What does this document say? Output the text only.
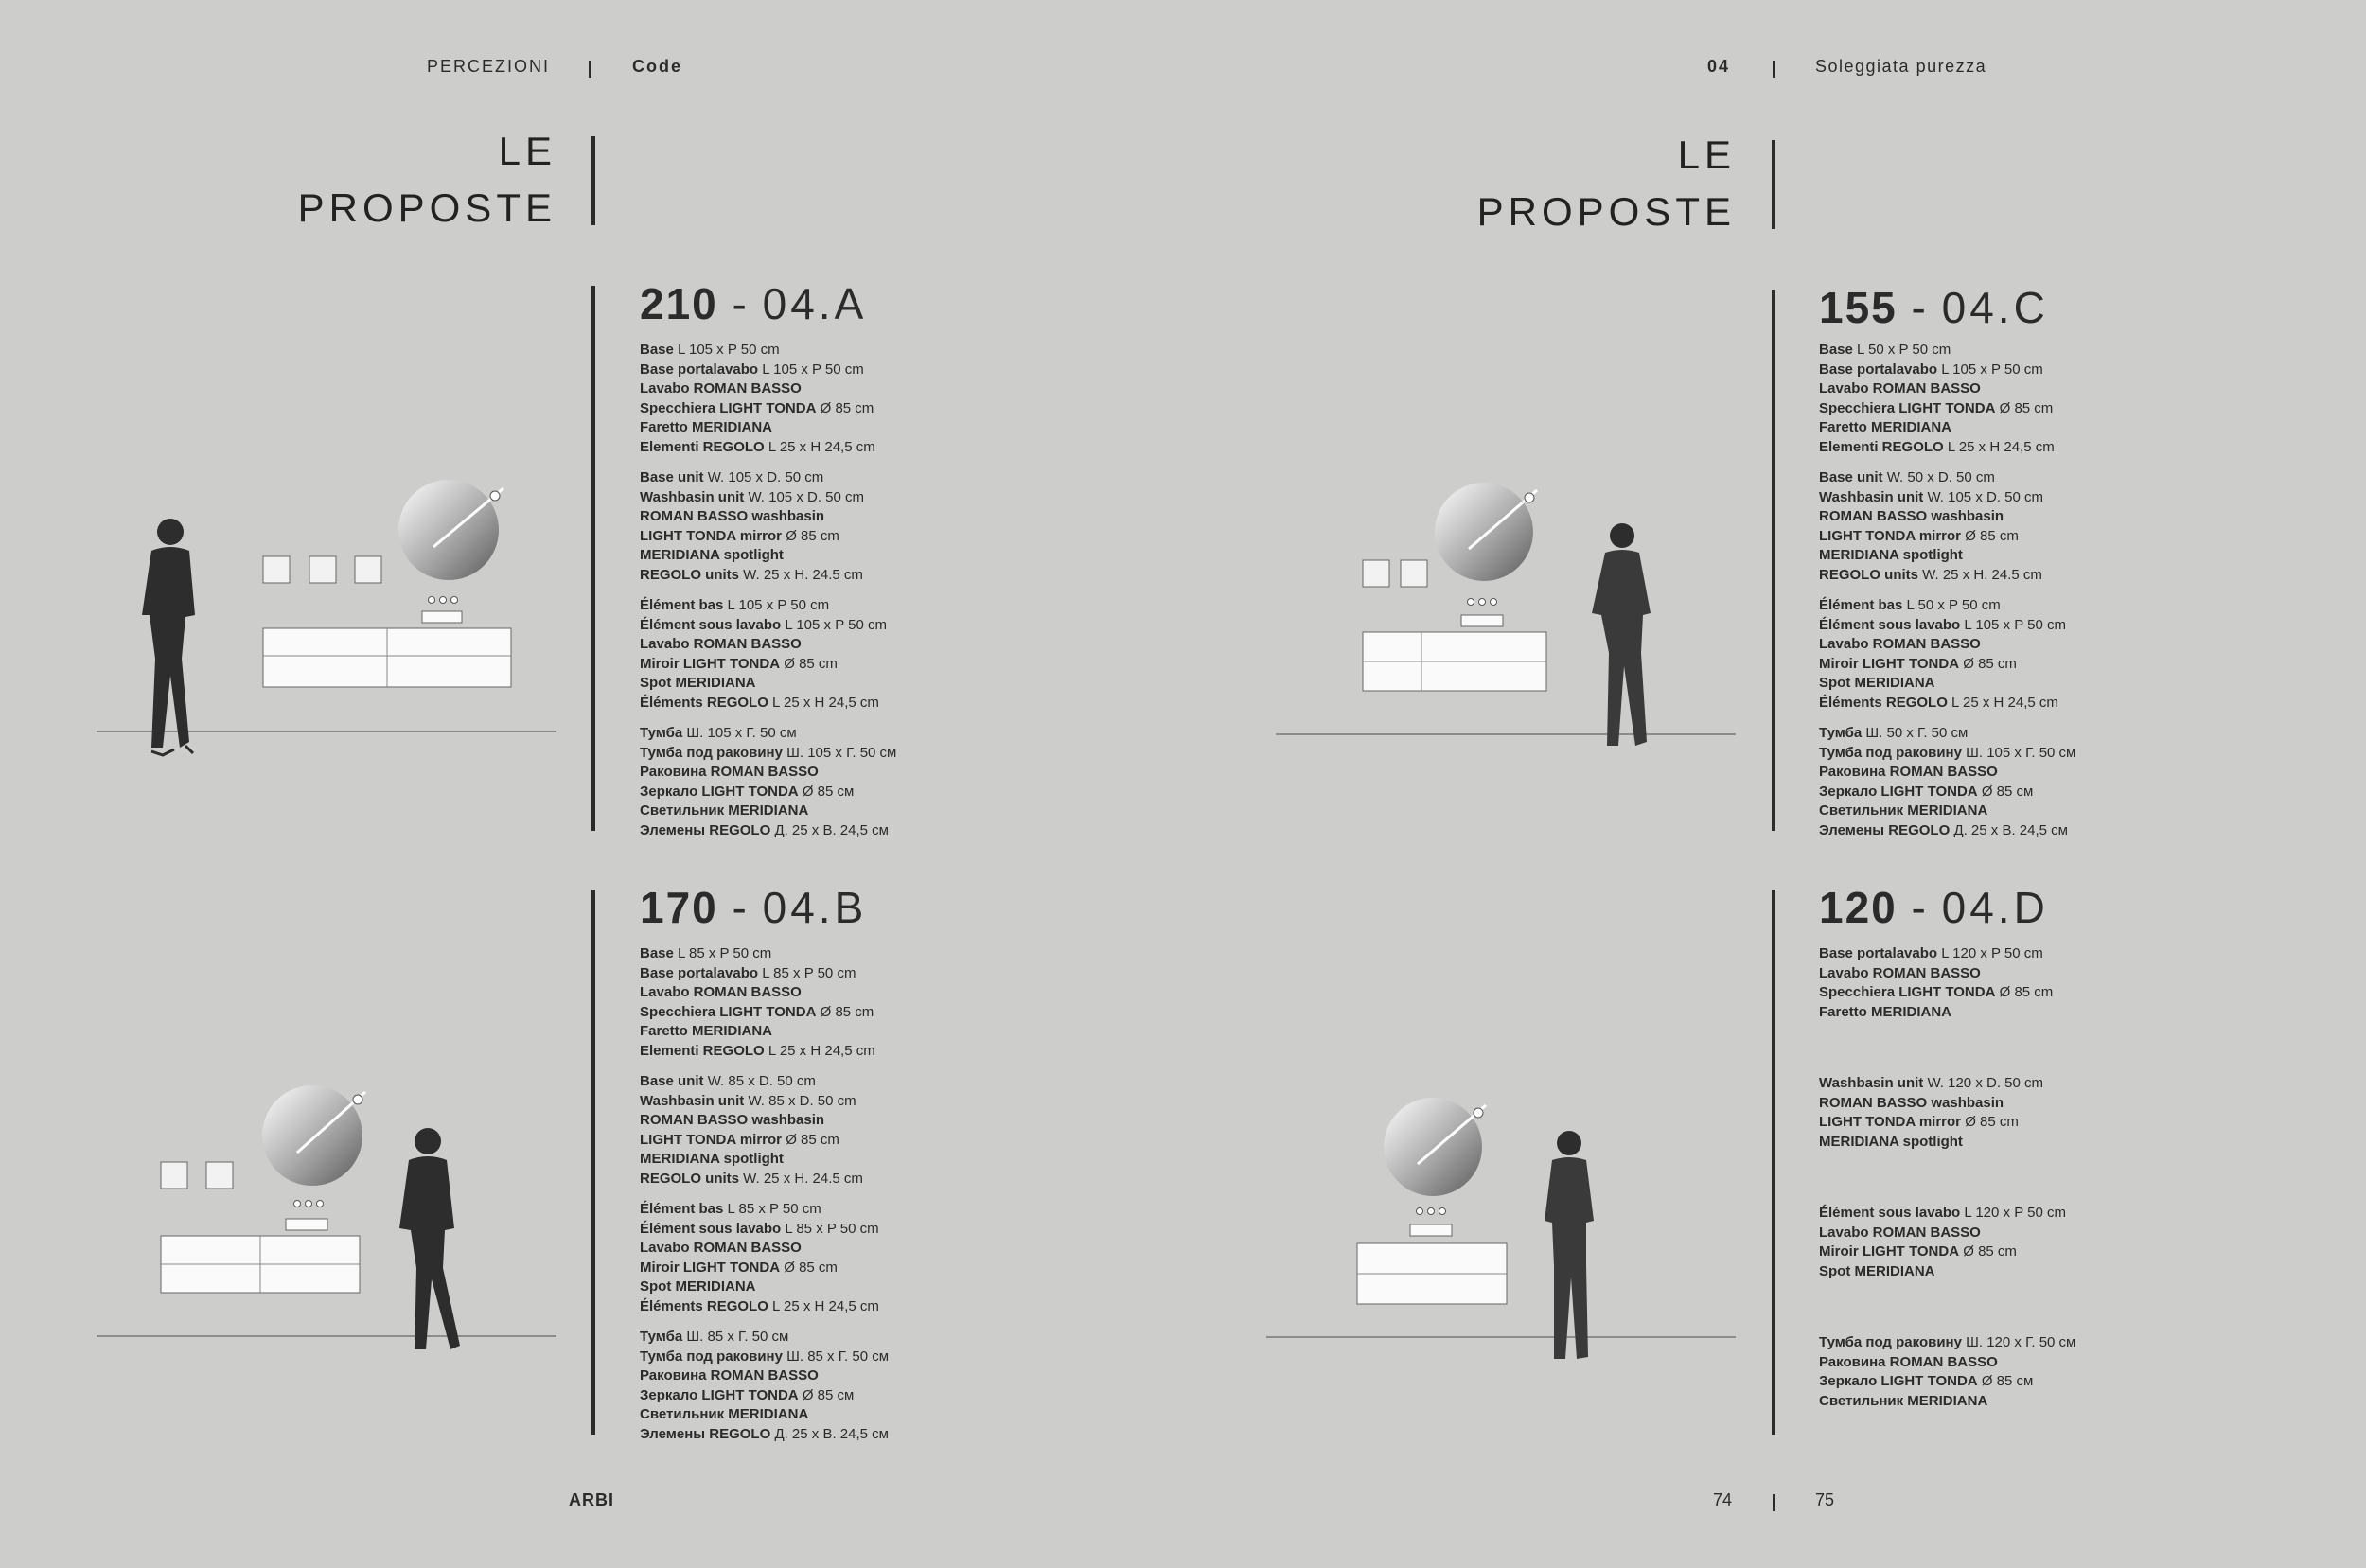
PERCEZIONI	Code	04	Soleggiata purezza
LE
PROPOSTE
LE
PROPOSTE
210 - 04.A
Base L 105 x P 50 cm
Base portalavabo L 105 x P 50 cm
Lavabo ROMAN BASSO
Specchiera LIGHT TONDA Ø 85 cm
Faretto MERIDIANA
Elementi REGOLO L 25 x H 24,5 cm
Base unit W. 105 x D. 50 cm
Washbasin unit W. 105 x D. 50 cm
ROMAN BASSO washbasin
LIGHT TONDA mirror Ø 85 cm
MERIDIANA spotlight
REGOLO units W. 25 x H. 24.5 cm
Élément bas L 105 x P 50 cm
Élément sous lavabo L 105 x P 50 cm
Lavabo ROMAN BASSO
Miroir LIGHT TONDA Ø 85 cm
Spot MERIDIANA
Éléments REGOLO L 25 x H 24,5 cm
Тумба Ш. 105 x Г. 50 см
Тумба под раковину Ш. 105 x Г. 50 см
Раковина ROMAN BASSO
Зеркало LIGHT TONDA Ø 85 см
Светильник MERIDIANA
Элемены REGOLO Д. 25 x В. 24,5 см
170 - 04.B
Base L 85 x P 50 cm
Base portalavabo L 85 x P 50 cm
Lavabo ROMAN BASSO
Specchiera LIGHT TONDA Ø 85 cm
Faretto MERIDIANA
Elementi REGOLO L 25 x H 24,5 cm
Base unit W. 85 x D. 50 cm
Washbasin unit W. 85 x D. 50 cm
ROMAN BASSO washbasin
LIGHT TONDA mirror Ø 85 cm
MERIDIANA spotlight
REGOLO units W. 25 x H. 24.5 cm
Élément bas L 85 x P 50 cm
Élément sous lavabo L 85 x P 50 cm
Lavabo ROMAN BASSO
Miroir LIGHT TONDA Ø 85 cm
Spot MERIDIANA
Éléments REGOLO L 25 x H 24,5 cm
Тумба Ш. 85 x Г. 50 см
Тумба под раковину Ш. 85 x Г. 50 см
Раковина ROMAN BASSO
Зеркало LIGHT TONDA Ø 85 см
Светильник MERIDIANA
Элемены REGOLO Д. 25 x В. 24,5 см
155 - 04.C
Base L 50 x P 50 cm
Base portalavabo L 105 x P 50 cm
Lavabo ROMAN BASSO
Specchiera LIGHT TONDA Ø 85 cm
Faretto MERIDIANA
Elementi REGOLO L 25 x H 24,5 cm
Base unit W. 50 x D. 50 cm
Washbasin unit W. 105 x D. 50 cm
ROMAN BASSO washbasin
LIGHT TONDA mirror Ø 85 cm
MERIDIANA spotlight
REGOLO units W. 25 x H. 24.5 cm
Élément bas L 50 x P 50 cm
Élément sous lavabo L 105 x P 50 cm
Lavabo ROMAN BASSO
Miroir LIGHT TONDA Ø 85 cm
Spot MERIDIANA
Éléments REGOLO L 25 x H 24,5 cm
Тумба Ш. 50 x Г. 50 см
Тумба под раковину Ш. 105 x Г. 50 см
Раковина ROMAN BASSO
Зеркало LIGHT TONDA Ø 85 см
Светильник MERIDIANA
Элемены REGOLO Д. 25 x В. 24,5 см
120 - 04.D
Base portalavabo L 120 x P 50 cm
Lavabo ROMAN BASSO
Specchiera LIGHT TONDA Ø 85 cm
Faretto MERIDIANA
Washbasin unit W. 120 x D. 50 cm
ROMAN BASSO washbasin
LIGHT TONDA mirror Ø 85 cm
MERIDIANA spotlight
Élément sous lavabo L 120 x P 50 cm
Lavabo ROMAN BASSO
Miroir LIGHT TONDA Ø 85 cm
Spot MERIDIANA
Тумба под раковину Ш. 120 x Г. 50 см
Раковина ROMAN BASSO
Зеркало LIGHT TONDA Ø 85 см
Светильник MERIDIANA
ARBI	74	75
